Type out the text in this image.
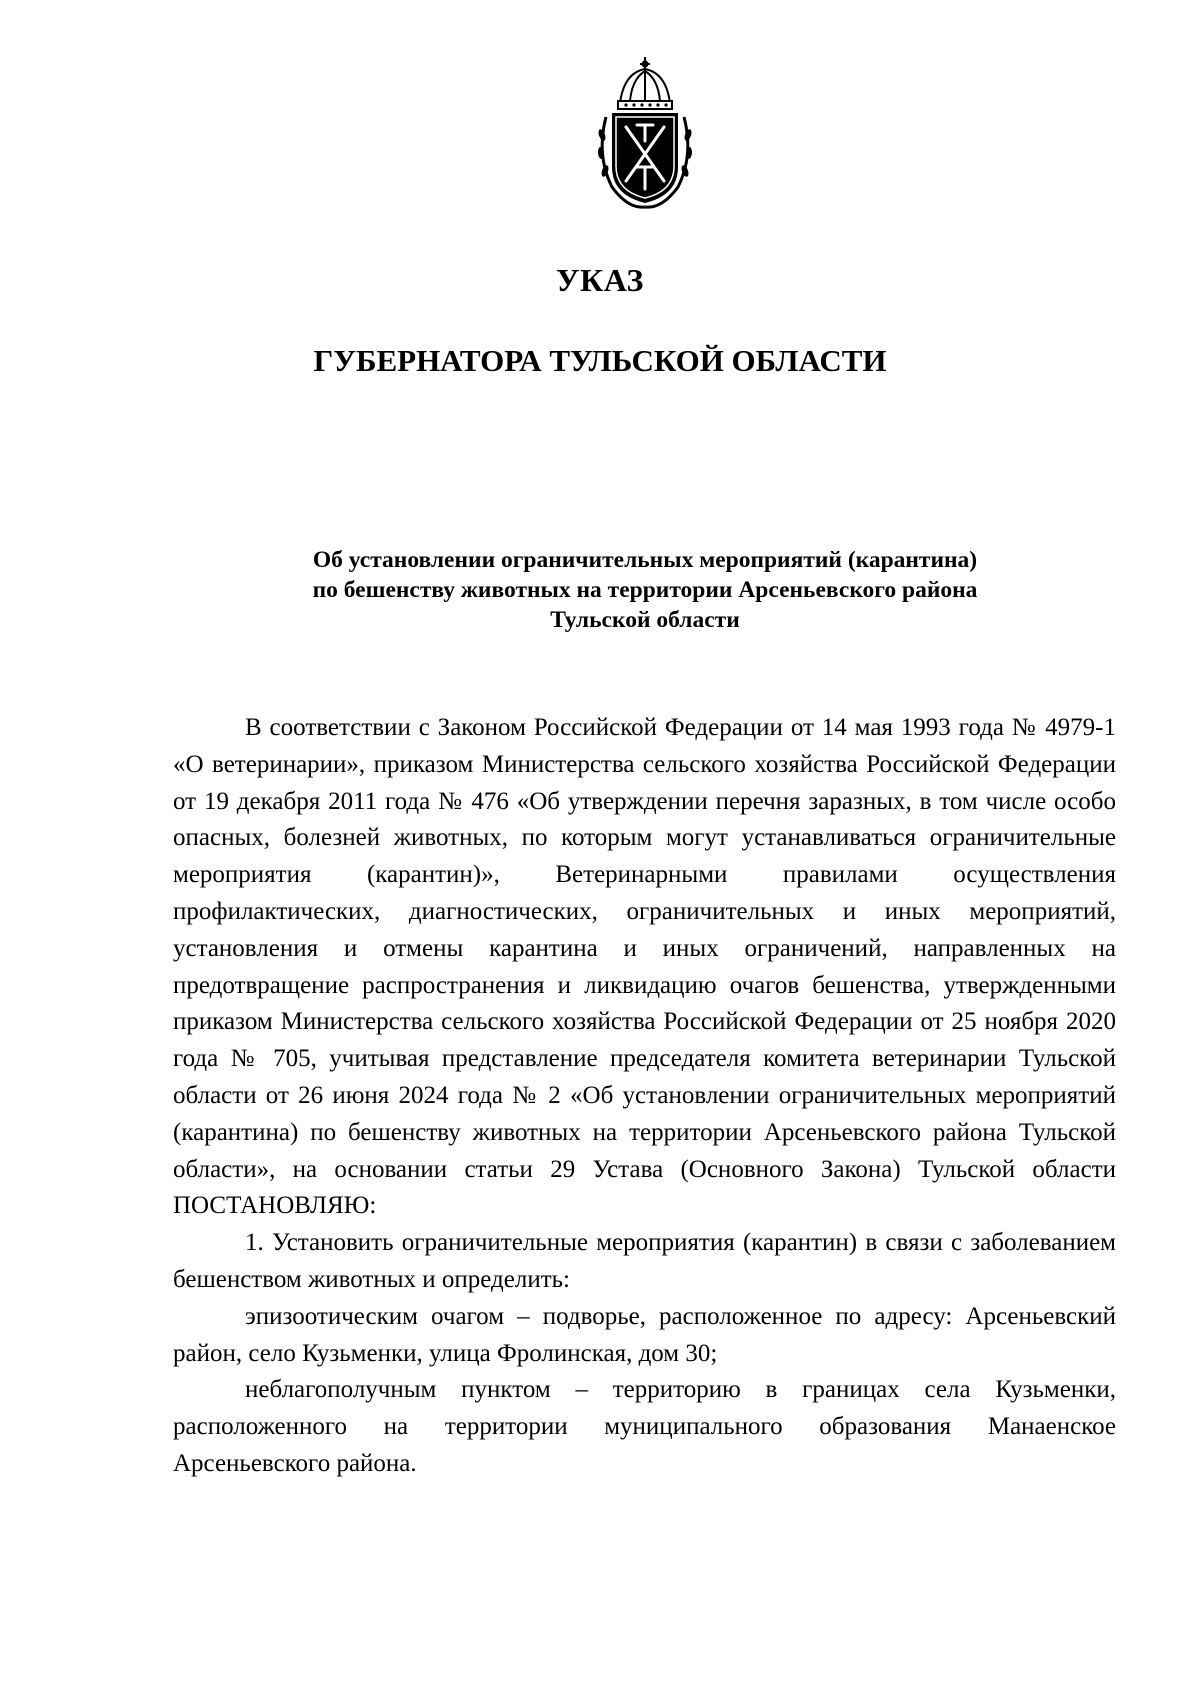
УКАЗ
ГУБЕРНАТОРА ТУЛЬСКОЙ ОБЛАСТИ
Об установлении ограничительных мероприятий (карантина)
по бешенству животных на территории Арсеньевского района
Тульской области

В соответствии с Законом Российской Федерации от 14 мая 1993 года № 4979-1 «О ветеринарии», приказом Министерства сельского хозяйства Российской Федерации от 19 декабря 2011 года № 476 «Об утверждении перечня заразных, в том числе особо опасных, болезней животных, по которым могут устанавливаться ограничительные мероприятия (карантин)», Ветеринарными правилами осуществления профилактических, диагностических, ограничительных и иных мероприятий, установления и отмены карантина и иных ограничений, направленных на предотвращение распространения и ликвидацию очагов бешенства, утвержденными приказом Министерства сельского хозяйства Российской Федерации от 25 ноября 2020 года № 705, учитывая представление председателя комитета ветеринарии Тульской области от 26 июня 2024 года № 2 «Об установлении ограничительных мероприятий (карантина) по бешенству животных на территории Арсеньевского района Тульской области», на основании статьи 29 Устава (Основного Закона) Тульской области ПОСТАНОВЛЯЮ:

1. Установить ограничительные мероприятия (карантин) в связи с заболеванием бешенством животных и определить:

эпизоотическим очагом – подворье, расположенное по адресу: Арсеньевский район, село Кузьменки, улица Фролинская, дом 30;

неблагополучным пунктом – территорию в границах села Кузьменки, расположенного на территории муниципального образования Манаенское Арсеньевского района.
